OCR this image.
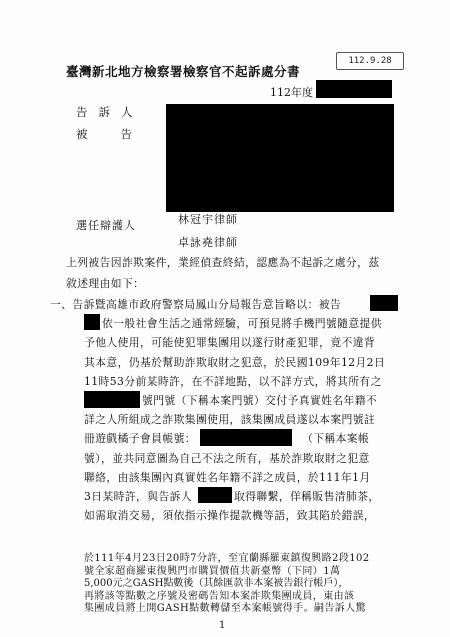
臺灣新北地方檢察署檢察官不起訴處分書
112.9.28
112年度
告訴人
被告
選任辯護人	林冠宇律師
卓詠堯律師
上列被告因詐欺案件，業經偵查終結，認應為不起訴之處分，茲
敘述理由如下：
一、告訴暨高雄市政府警察局鳳山分局報告意旨略以：被告
依一般社會生活之通常經驗，可預見將手機門號隨意提供
予他人使用，可能使犯罪集團用以遂行財產犯罪，竟不違背
其本意，仍基於幫助詐欺取財之犯意，於民國109年12月2日
11時53分前某時許，在不詳地點，以不詳方式，將其所有之
號門號（下稱本案門號）交付予真實姓名年籍不
詳之人所組成之詐欺集團使用，該集團成員遂以本案門號註
冊遊戲橘子會員帳號：	（下稱本案帳
號），並共同意圖為自己不法之所有，基於詐欺取財之犯意
聯絡，由該集團內真實姓名年籍不詳之成員，於111年1月
3日某時許，與告訴人	取得聯繫，佯稱販售清肺茶，
如需取消交易，須依指示操作提款機等語，致其陷於錯誤，
於111年4月23日20時7分許，至宜蘭縣羅東鎮復興路2段102
號全家超商羅東復興門市購買價值共新臺幣（下同）1萬
5,000元之GASH點數後（其餘匯款非本案被告銀行帳戶），
再將該等點數之序號及密碼告知本案詐欺集團成員，東由該
集團成員將上開GASH點數轉儲至本案帳號得手。嗣告訴人驚
1
